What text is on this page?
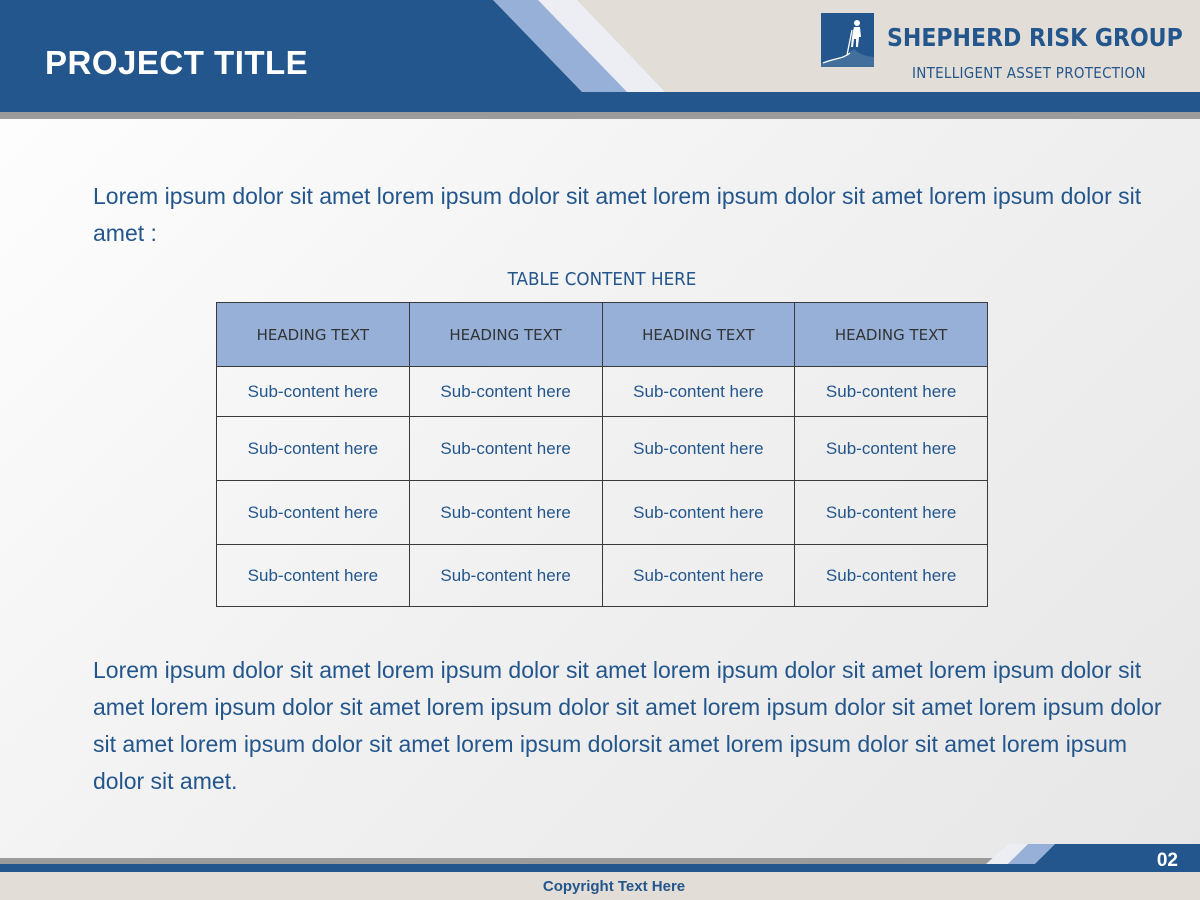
PROJECT TITLE
SHEPHERD RISK GROUP
INTELLIGENT ASSET PROTECTION

Lorem ipsum dolor sit amet lorem ipsum dolor sit amet lorem ipsum dolor sit amet lorem ipsum dolor sit amet :

TABLE CONTENT HERE
HEADING TEXT	HEADING TEXT	HEADING TEXT	HEADING TEXT
Sub-content here	Sub-content here	Sub-content here	Sub-content here
Sub-content here	Sub-content here	Sub-content here	Sub-content here
Sub-content here	Sub-content here	Sub-content here	Sub-content here
Sub-content here	Sub-content here	Sub-content here	Sub-content here

Lorem ipsum dolor sit amet lorem ipsum dolor sit amet lorem ipsum dolor sit amet lorem ipsum dolor sit amet lorem ipsum dolor sit amet lorem ipsum dolor sit amet lorem ipsum dolor sit amet lorem ipsum dolor sit amet lorem ipsum dolor sit amet lorem ipsum dolorsit amet lorem ipsum dolor sit amet lorem ipsum dolor sit amet.

02
Copyright Text Here
